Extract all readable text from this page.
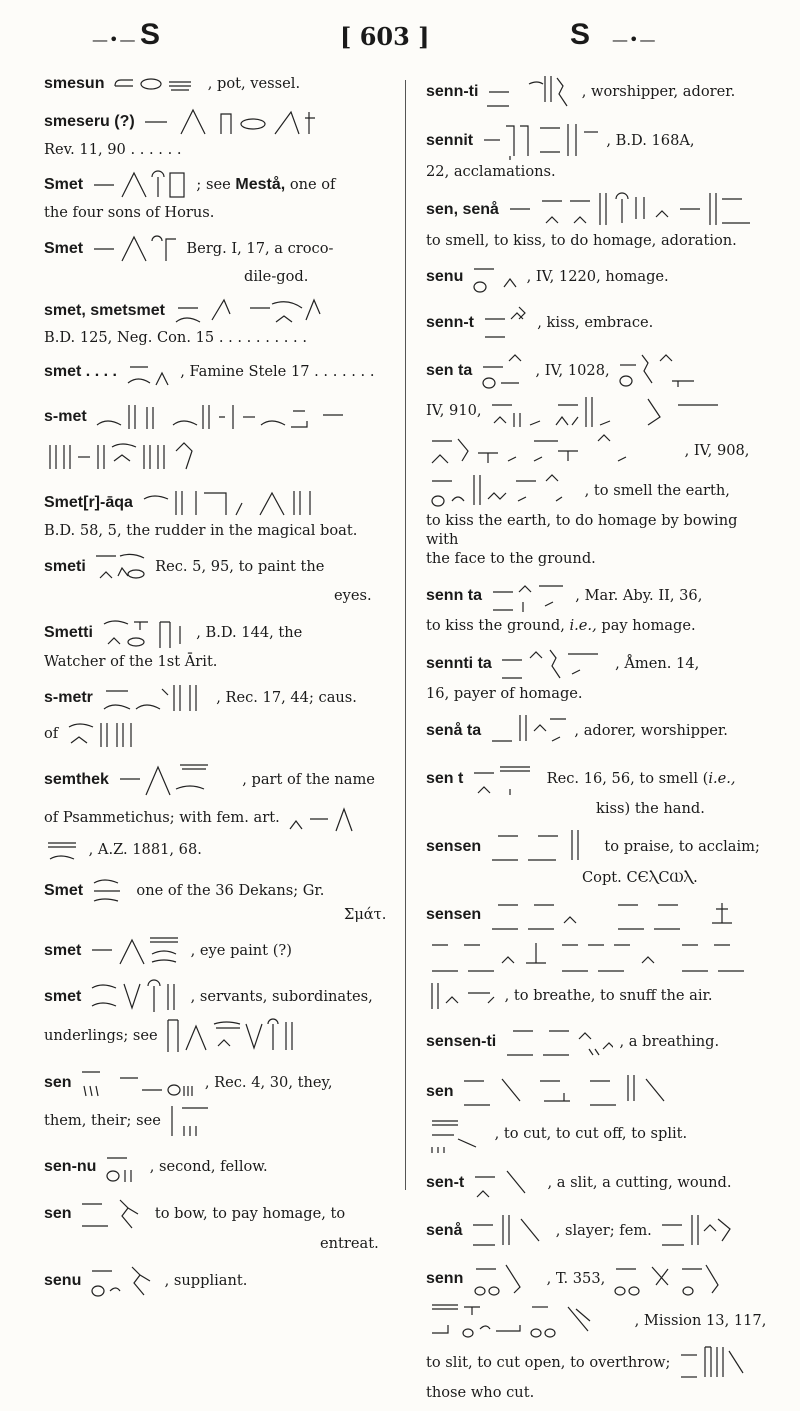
—•— S	[ 603 ]	S —•—
smesun	, pot, vessel.
smeseru (?)
Rev. 11, 90 . . . . . .
Smet	; see Mestå, one of
the four sons of Horus.
Smet	Berg. I, 17, a croco-
dile-god.
smet, smetsmet
B.D. 125, Neg. Con. 15 . . . . . . . . . .
smet . . . .	, Famine Stele 17 . . . . . . .
s-met
Smet[r]-āqa
B.D. 58, 5, the rudder in the magical boat.
smeti	Rec. 5, 95, to paint the
eyes.
Smetti	, B.D. 144, the
Watcher of the 1st Ārit.
s-metr	, Rec. 17, 44; caus.
of
semthek	, part of the name
of Psammetichus; with fem. art.
, A.Z. 1881, 68.
Smet	one of the 36 Dekans; Gr.
Σμάτ.
smet	, eye paint (?)
smet	, servants, subordinates,
underlings; see
sen	, Rec. 4, 30, they,
them, their; see
sen-nu	, second, fellow.
sen	to bow, to pay homage, to
entreat.
senu	, suppliant.
senn-ti	, worshipper, adorer.
sennit	, B.D. 168A,
22, acclamations.
sen, senå
to smell, to kiss, to do homage, adoration.
senu	, IV, 1220, homage.
senn-t	, kiss, embrace.
sen ta	, IV, 1028,
IV, 910,
, IV, 908,
, to smell the earth,
to kiss the earth, to do homage by bowing with
the face to the ground.
senn ta	, Mar. Aby. II, 36,
to kiss the ground, i.e., pay homage.
sennti ta	, Åmen. 14,
16, payer of homage.
senå ta	, adorer, worshipper.
sen t	Rec. 16, 56, to smell (i.e.,
kiss) the hand.
sensen	to praise, to acclaim;
Copt. ϹЄⲖϹⲰⲖ.
sensen
, to breathe, to snuff the air.
sensen-ti	, a breathing.
sen
, to cut, to cut off, to split.
sen-t	, a slit, a cutting, wound.
senå	, slayer; fem.
senn	, T. 353,
, Mission 13, 117,
to slit, to cut open, to overthrow;
those who cut.
